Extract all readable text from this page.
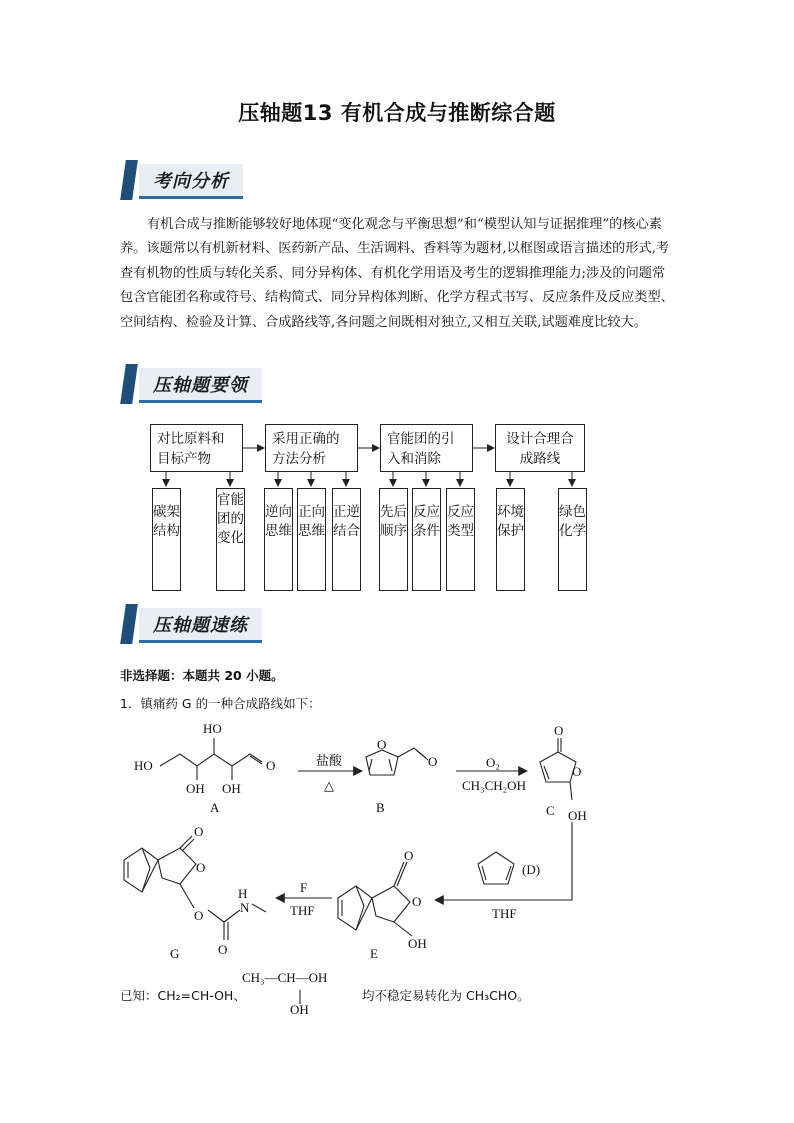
压轴题13 有机合成与推断综合题
考向分析
有机合成与推断能够较好地体现“变化观念与平衡思想”和“模型认知与证据推理”的核心素养。该题常以有机新材料、医药新产品、生活调料、香料等为题材,以框图或语言描述的形式,考查有机物的性质与转化关系、同分异构体、有机化学用语及考生的逻辑推理能力;涉及的问题常包含官能团名称或符号、结构简式、同分异构体判断、化学方程式书写、反应条件及反应类型、空间结构、检验及计算、合成路线等,各问题之间既相对独立,又相互关联,试题难度比较大。
压轴题要领
对比原料和目标产物
采用正确的方法分析
官能团的引入和消除
设计合理合成路线
碳架结构
官能团的变化
逆向思维
正向思维
正逆结合
先后顺序
反应条件
反应类型
环境保护
绿色化学
压轴题速练
非选择题：本题共 20 小题。
1．镇痛药 G 的一种合成路线如下：
HO
HO
OH OH
O
A
盐酸
△
O
O
B
O₂
CH₃CH₂OH
O
O
OH
C
(D)
THF
O
O
OH
E
F
THF
O
O
O
O
H
N
G
已知：CH₂=CH-OH、
CH₃—CH—OH
OH
均不稳定易转化为 CH₃CHO。
